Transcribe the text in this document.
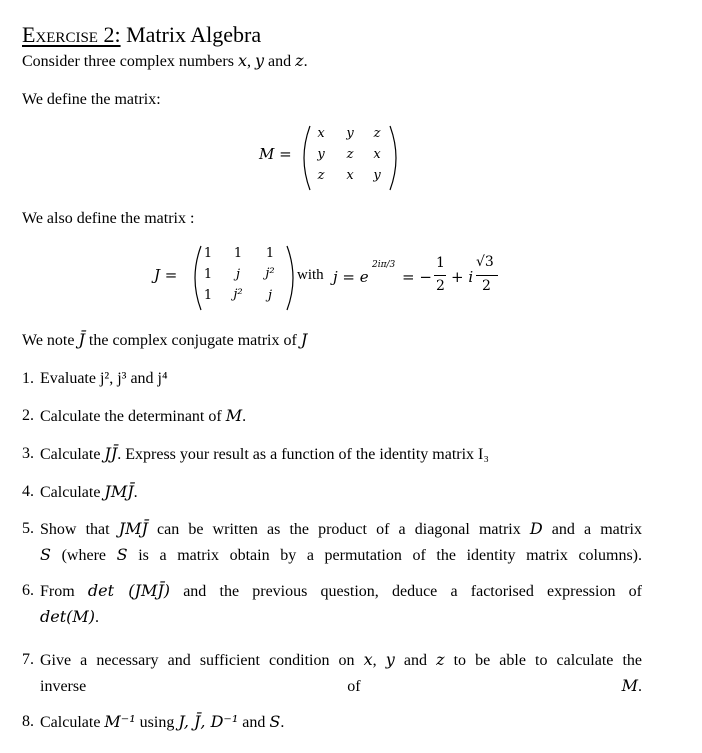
Exercise 2: Matrix Algebra
Consider three complex numbers x, y and z.
We define the matrix:
M =
x	y	z
y	z	x
z	x	y
We also define the matrix :
J =
1	1	1
1	j	j²
1	j²	j
with j = e
2iπ/3
= −
1
2 + i
√3
2
We note J̄ the complex conjugate matrix of J
1. Evaluate j², j³ and j⁴
2. Calculate the determinant of M.
3. Calculate JJ̄. Express your result as a function of the identity matrix I₃
4. Calculate JMJ̄.
5. Show that JMJ̄ can be written as the product of a diagonal matrix D and a matrix
S (where S is a matrix obtain by a permutation of the identity matrix columns).
6. From det (JMJ̄) and the previous question, deduce a factorised expression of
det(M).
7. Give a necessary and sufficient condition on x, y and z to be able to calculate the
inverse of M.
8. Calculate M⁻¹ using J, J̄, D⁻¹ and S.
